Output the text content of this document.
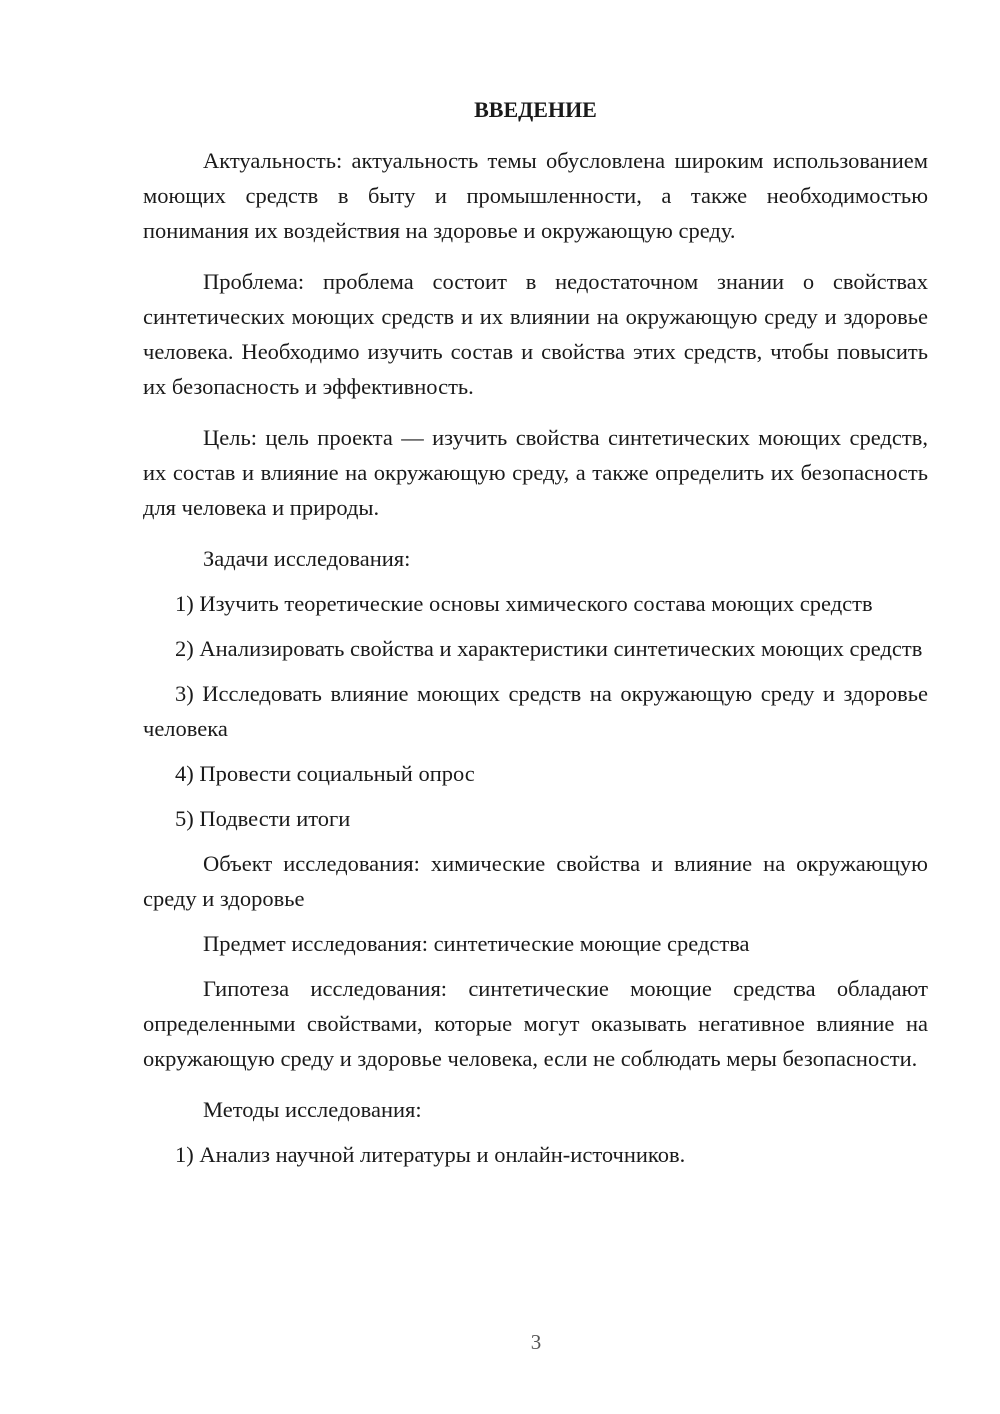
ВВЕДЕНИЕ

Актуальность: актуальность темы обусловлена широким использованием моющих средств в быту и промышленности, а также необходимостью понимания их воздействия на здоровье и окружающую среду.

Проблема: проблема состоит в недостаточном знании о свойствах синтетических моющих средств и их влиянии на окружающую среду и здоровье человека. Необходимо изучить состав и свойства этих средств, чтобы повысить их безопасность и эффективность.

Цель: цель проекта — изучить свойства синтетических моющих средств, их состав и влияние на окружающую среду, а также определить их безопасность для человека и природы.

Задачи исследования:

1) Изучить теоретические основы химического состава моющих средств

2) Анализировать свойства и характеристики синтетических моющих средств

3) Исследовать влияние моющих средств на окружающую среду и здоровье человека

4) Провести социальный опрос

5) Подвести итоги

Объект исследования: химические свойства и влияние на окружающую среду и здоровье

Предмет исследования: синтетические моющие средства

Гипотеза исследования: синтетические моющие средства обладают определенными свойствами, которые могут оказывать негативное влияние на окружающую среду и здоровье человека, если не соблюдать меры безопасности.

Методы исследования:

1) Анализ научной литературы и онлайн-источников.

3
